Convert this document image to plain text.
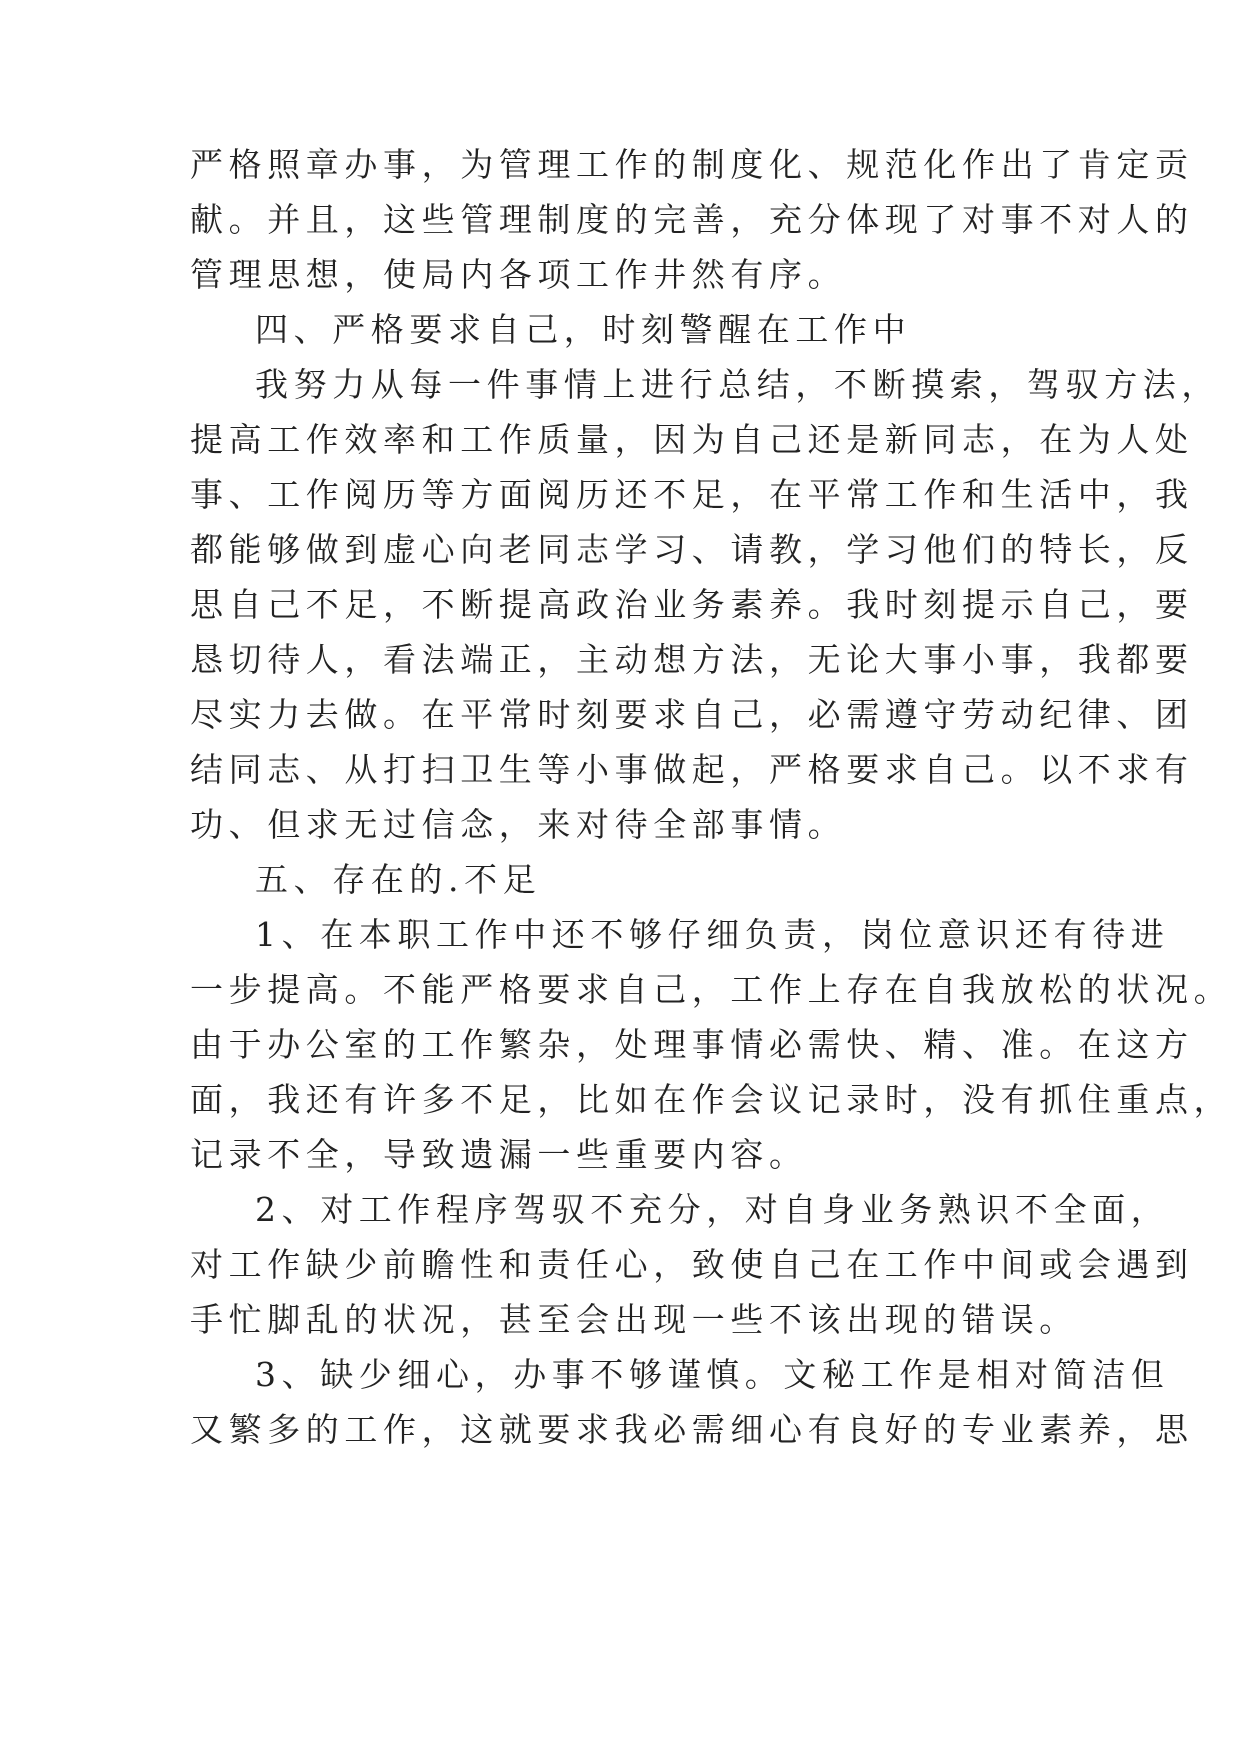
严格照章办事，为管理工作的制度化、规范化作出了肯定贡
献。并且，这些管理制度的完善，充分体现了对事不对人的
管理思想，使局内各项工作井然有序。
四、严格要求自己，时刻警醒在工作中
我努力从每一件事情上进行总结，不断摸索，驾驭方法，
提高工作效率和工作质量，因为自己还是新同志，在为人处
事、工作阅历等方面阅历还不足，在平常工作和生活中，我
都能够做到虚心向老同志学习、请教，学习他们的特长，反
思自己不足，不断提高政治业务素养。我时刻提示自己，要
恳切待人，看法端正，主动想方法，无论大事小事，我都要
尽实力去做。在平常时刻要求自己，必需遵守劳动纪律、团
结同志、从打扫卫生等小事做起，严格要求自己。以不求有
功、但求无过信念，来对待全部事情。
五、存在的.不足
1、在本职工作中还不够仔细负责，岗位意识还有待进
一步提高。不能严格要求自己，工作上存在自我放松的状况。
由于办公室的工作繁杂，处理事情必需快、精、准。在这方
面，我还有许多不足，比如在作会议记录时，没有抓住重点，
记录不全，导致遗漏一些重要内容。
2、对工作程序驾驭不充分，对自身业务熟识不全面，
对工作缺少前瞻性和责任心，致使自己在工作中间或会遇到
手忙脚乱的状况，甚至会出现一些不该出现的错误。
3、缺少细心，办事不够谨慎。文秘工作是相对简洁但
又繁多的工作，这就要求我必需细心有良好的专业素养，思
